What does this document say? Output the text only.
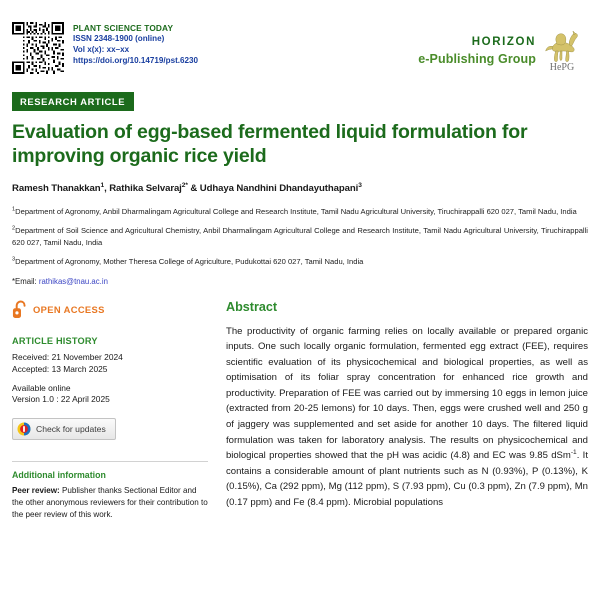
PLANT SCIENCE TODAY
ISSN 2348-1900 (online)
Vol x(x): xx–xx
https://doi.org/10.14719/pst.6230
HORIZON
e-Publishing Group
HePG
RESEARCH ARTICLE
Evaluation of egg-based fermented liquid formulation for improving organic rice yield
Ramesh Thanakkan$^1$, Rathika Selvaraj$^{2*}$ & Udhaya Nandhini Dhandayuthapani$^3$
$^1$Department of Agronomy, Anbil Dharmalingam Agricultural College and Research Institute, Tamil Nadu Agricultural University, Tiruchirappalli 620 027, Tamil Nadu, India
$^2$Department of Soil Science and Agricultural Chemistry, Anbil Dharmalingam Agricultural College and Research Institute, Tamil Nadu Agricultural University, Tiruchirappalli 620 027, Tamil Nadu, India
$^3$Department of Agronomy, Mother Theresa College of Agriculture, Pudukottai 620 027, Tamil Nadu, India
*Email: rathikas@tnau.ac.in
OPEN ACCESS
ARTICLE HISTORY
Received: 21 November 2024
Accepted: 13 March 2025
Available online
Version 1.0 : 22 April 2025
Check for updates
Additional information
Peer review: Publisher thanks Sectional Editor and the other anonymous reviewers for their contribution to the peer review of this work.
Abstract
The productivity of organic farming relies on locally available or prepared organic inputs. One such locally organic formulation, fermented egg extract (FEE), requires scientific evaluation of its physicochemical and biological properties, as well as optimisation of its foliar spray concentration for enhanced rice growth and productivity. Preparation of FEE was carried out by immersing 10 eggs in lemon juice (extracted from 20-25 lemons) for 10 days. Then, eggs were crushed well and 250 g of jaggery was supplemented and set aside for another 10 days. The filtered liquid formulation was taken for laboratory analysis. The results on physicochemical and biological properties showed that the pH was acidic (4.8) and EC was 9.85 dSm$^{-1}$. It contains a considerable amount of plant nutrients such as N (0.93%), P (0.13%), K (0.15%), Ca (292 ppm), Mg (112 ppm), S (7.93 ppm), Cu (0.3 ppm), Zn (7.9 ppm), Mn (0.17 ppm) and Fe (8.4 ppm). Microbial populations
